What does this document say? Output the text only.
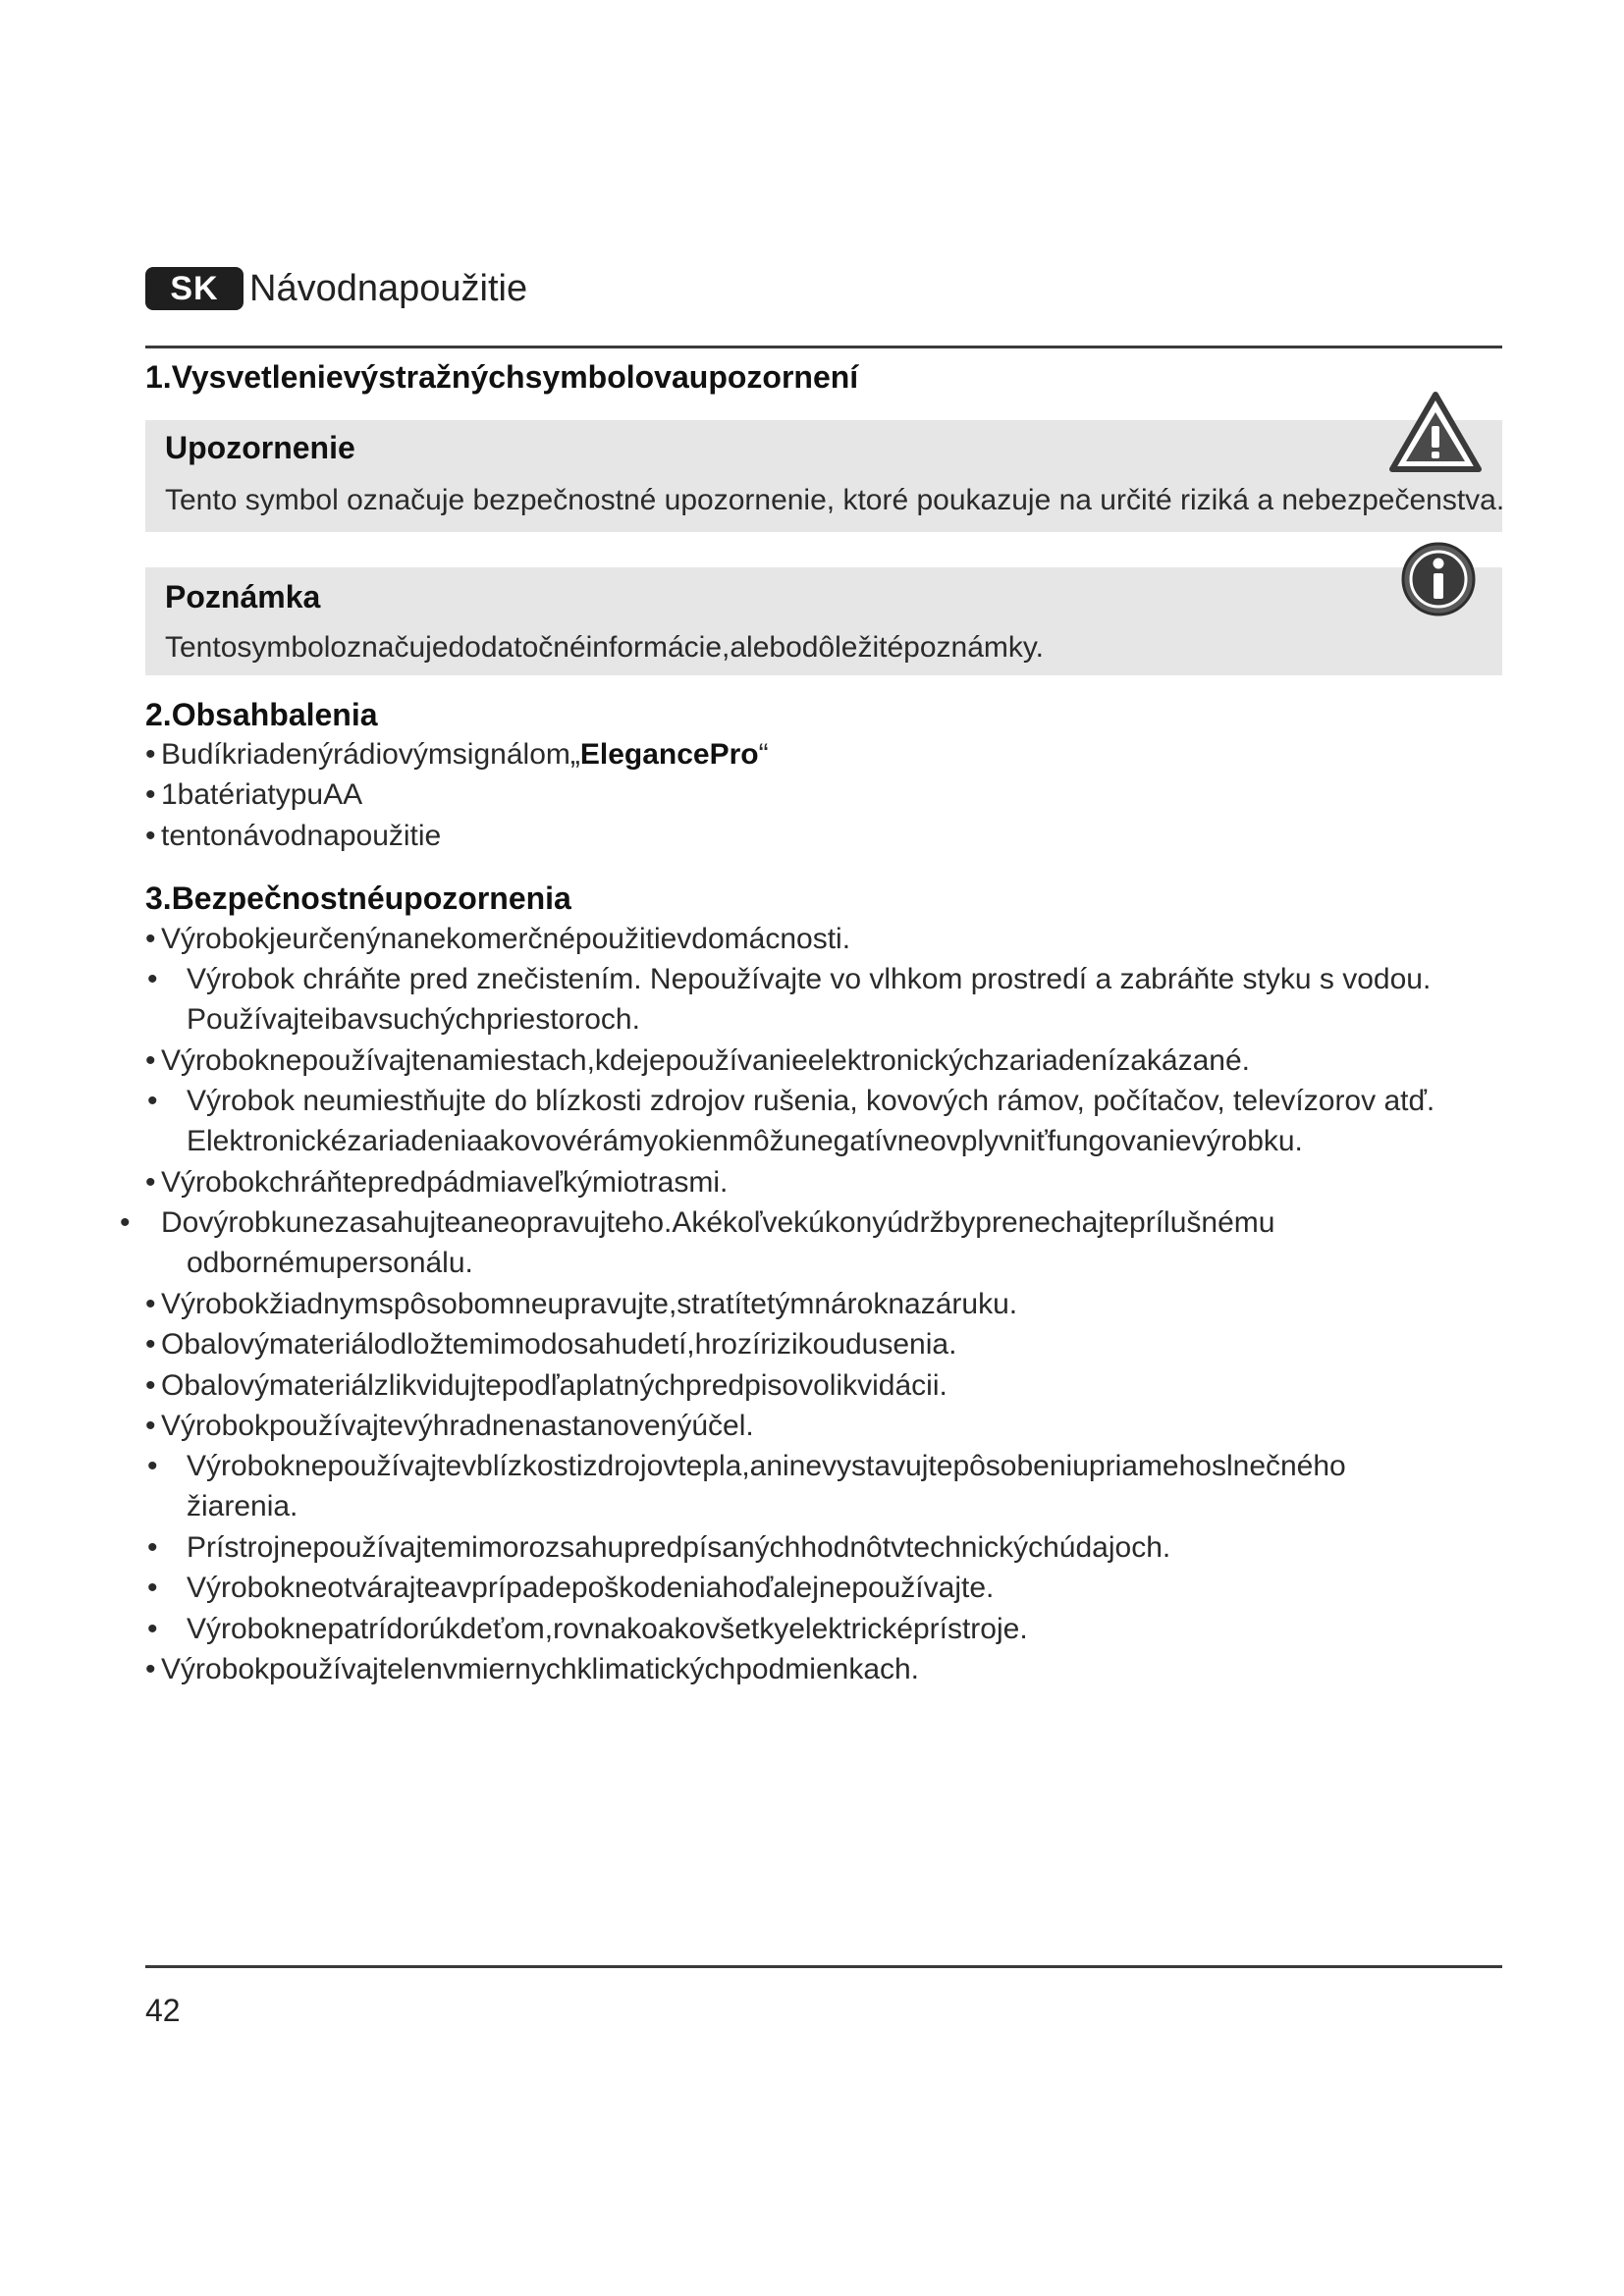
SK Návodnapoužitie
1.Vysvetlenievýstražnýchsymbolovaupozornení
Upozornenie
Tento symbol označuje bezpečnostné upozornenie, ktoré poukazuje na určité riziká a nebezpečenstva.
Poznámka
Tentosymboloznačujedodatočnéinformácie,alebodôležitépoznámky.
2.Obsahbalenia
• Budíkriadenýrádiovýmsignálom„ElegancePro“
• 1batériatypuAA
• tentonávodnapoužitie
3.Bezpečnostnéupozornenia
• Výrobokjeurčenýnanekomerčnépoužitievdomácnosti.
• Výrobok chráňte pred znečistením. Nepoužívajte vo vlhkom prostredí a zabráňte styku s vodou. Používajteibavsuchýchpriestoroch.
• Výroboknepoužívajtenamiestach,kdejepoužívanieelektronickýchzariadenízakázané.
• Výrobok neumiestňujte do blízkosti zdrojov rušenia, kovových rámov, počítačov, televízorov atď. Elektronickézariadeniaakovovérámyokienmôžunegatívneovplyvniťfungovanievýrobku.
• Výrobokchráňtepredpádmiaveľkýmiotrasmi.
• Dovýrobkunezasahujteaneopravujteho.Akékoľvekúkonyúdržbyprenechajteprílušnému odbornémupersonálu.
• Výrobokžiadnymspôsobomneupravujte,stratítetýmnároknazáruku.
• Obalovýmateriálodložtemimodosahudetí,hrozírizikoudusenia.
• Obalovýmateriálzlikvidujtepodľaplatnýchpredpisovolikvidácii.
• Výrobokpoužívajtevýhradnenastanovenýúčel.
• Výroboknepoužívajtevblízkostizdrojovtepla,aninevystavujtepôsobeniupriamehoslnečného žiarenia.
• Prístrojnepoužívajtemimorozsahupredpísanýchhodnôtvtechnickýchúdajoch.
• Výrobokneotvárajteavprípadepoškodeniahoďalejnepoužívajte.
• Výroboknepatrídorúkdeťom,rovnakoakovšetkyelektricképrístroje.
• Výrobokpoužívajtelenvmiernychklimatickýchpodmienkach.
42
